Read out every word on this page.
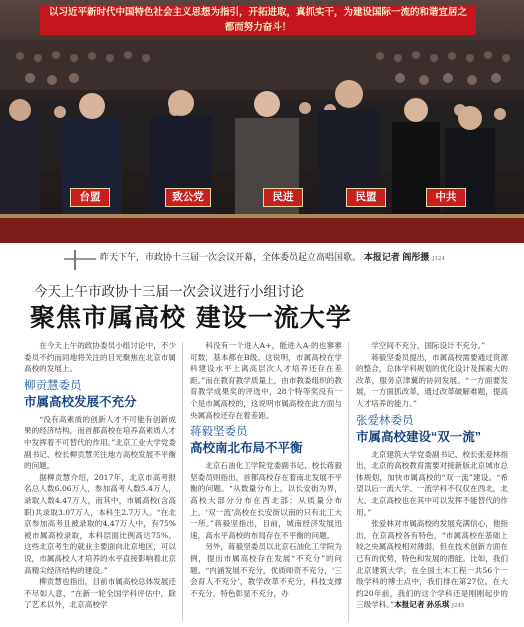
以习近平新时代中国特色社会主义思想为指引，开拓进取，真抓实干，为建设国际一流的和谐宜居之都而努力奋斗！
台盟	致公党	民进	民盟	中共
昨天下午，市政协十三届一次会议开幕，全体委员起立高唱国歌。 本报记者 阎彤摄 J124
今天上午市政协十三届一次会议进行小组讨论
聚焦市属高校 建设一流大学

在今天上午的政协委员小组讨论中，不少委员不约而同地将关注的目光聚焦在北京市属高校的发展上。

柳贡慧委员
市属高校发展不充分

“没有高素质的创新人才不可能有创新成果的经济结构，而首都高校在培养高素质人才中发挥着不可替代的作用。”北京工业大学党委副书记、校长柳贡慧关注地方高校发展不平衡的问题。

据柳贡慧介绍，2017年，北京市高考报名总人数6.06万人，参加高考人数5.4万人，录取人数4.47万人，而其中，市属高校(含高职)共录取3.07万人，本科生2.7万人。“在北京参加高考且被录取的4.47万人中，有75%被市属高校录取，本科层面比例高达75%。这些北京考生的就业主要面向北京地区，可以说，市属高校人才培养的水平直接影响着北京高精尖经济结构的建设。”

柳贡慧也指出，目前市属高校总体发展还不尽如人意，“在新一轮全国学科评估中，除了艺术以外，北京高校学

科没有一个进入A+，能进入A-的也寥寥可数，基本都在B级。这说明，市属高校在学科建设水平上离高层次人才培养还存在差距。”而在教育教学质量上，由市教委组织的教育教学成果奖的评选中，28个特等奖没有一个是市属高校的，这说明市属高校在此方面与央属高校还存在着差距。

蒋毅坚委员
高校南北布局不平衡

北京石油化工学院党委副书记、校长蒋毅坚委员则指出，首都高校存在着南北发展不平衡的问题。“从数量分布上，以长安街为界，高校大部分分布在西北部；从质量分布上，‘双一流’高校在长安街以南的只有北工大一所。”蒋毅坚指出，目前，城南经济发展迅速，高水平高校的布局存在不平衡的问题。

另外，蒋毅坚委员以北京石油化工学院为例，提出市属高校存在发展“不充分”的问题。“内涵发展不充分，优质师资不充分，‘三会育人不充分’，教学改革不充分，科技支撑不充分，特色彰显不充分，办

学空间不充分，国际设计不充分。”

蒋毅坚委员提出，市属高校需要通过资源的整合，总体学科规划的优化设计及探索大的改革，服务京津冀的协同发展。“一方面要发展，一方面抓改革，通过改革破解难题，提高人才培养的能力。”

张爱林委员
市属高校建设“双一流”

北京建筑大学党委副书记、校长张爱林指出，北京的高校教育需要对接新版北京城市总体规划，加快市属高校的“双一流”建设。“希望以后一流大学、一流学科不仅仅在西北，北大、北京高校也在其中可以发挥不能替代的作用。”

张爱林对市属高校的发展充满信心，他指出，在京高校各有特色，“市属高校在基础上较之央属高校相对薄弱，但在技术创新方面在已有的优势，特色和发展的潜能。比如，我们北京建筑大学，在全国土木工程一共56个一级学科的博士点中，我们排在第27位。在大约20年前，我们的这个学科还是刚刚起步的三级学科。”本报记者 孙乐琪 J245
